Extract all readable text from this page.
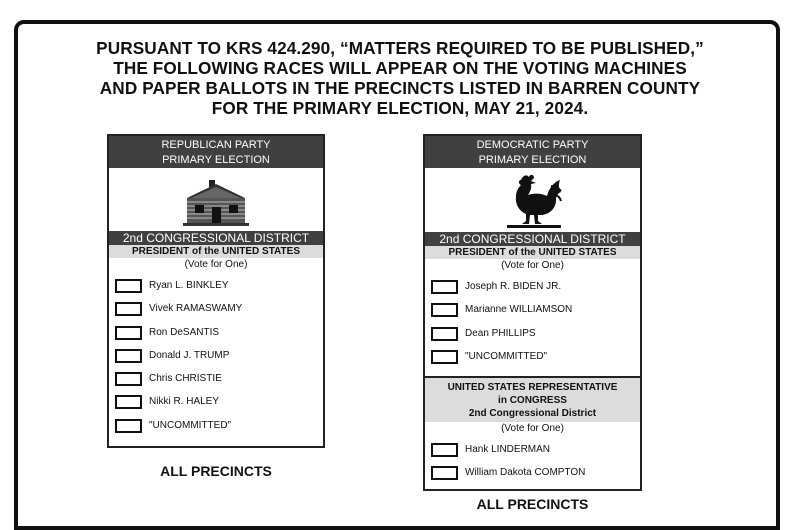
PURSUANT TO KRS 424.290, “MATTERS REQUIRED TO BE PUBLISHED,”
THE FOLLOWING RACES WILL APPEAR ON THE VOTING MACHINES
AND PAPER BALLOTS IN THE PRECINCTS LISTED IN BARREN COUNTY
FOR THE PRIMARY ELECTION, MAY 21, 2024.
REPUBLICAN PARTY
PRIMARY ELECTION
2nd CONGRESSIONAL DISTRICT
PRESIDENT of the UNITED STATES
(Vote for One)
Ryan L. BINKLEY
Vivek RAMASWAMY
Ron DeSANTIS
Donald J. TRUMP
Chris CHRISTIE
Nikki R. HALEY
"UNCOMMITTED"
ALL PRECINCTS
DEMOCRATIC PARTY
PRIMARY ELECTION
2nd CONGRESSIONAL DISTRICT
PRESIDENT of the UNITED STATES
(Vote for One)
Joseph R. BIDEN JR.
Marianne WILLIAMSON
Dean PHILLIPS
"UNCOMMITTED"
UNITED STATES REPRESENTATIVE
in CONGRESS
2nd Congressional District
(Vote for One)
Hank LINDERMAN
William Dakota COMPTON
ALL PRECINCTS
